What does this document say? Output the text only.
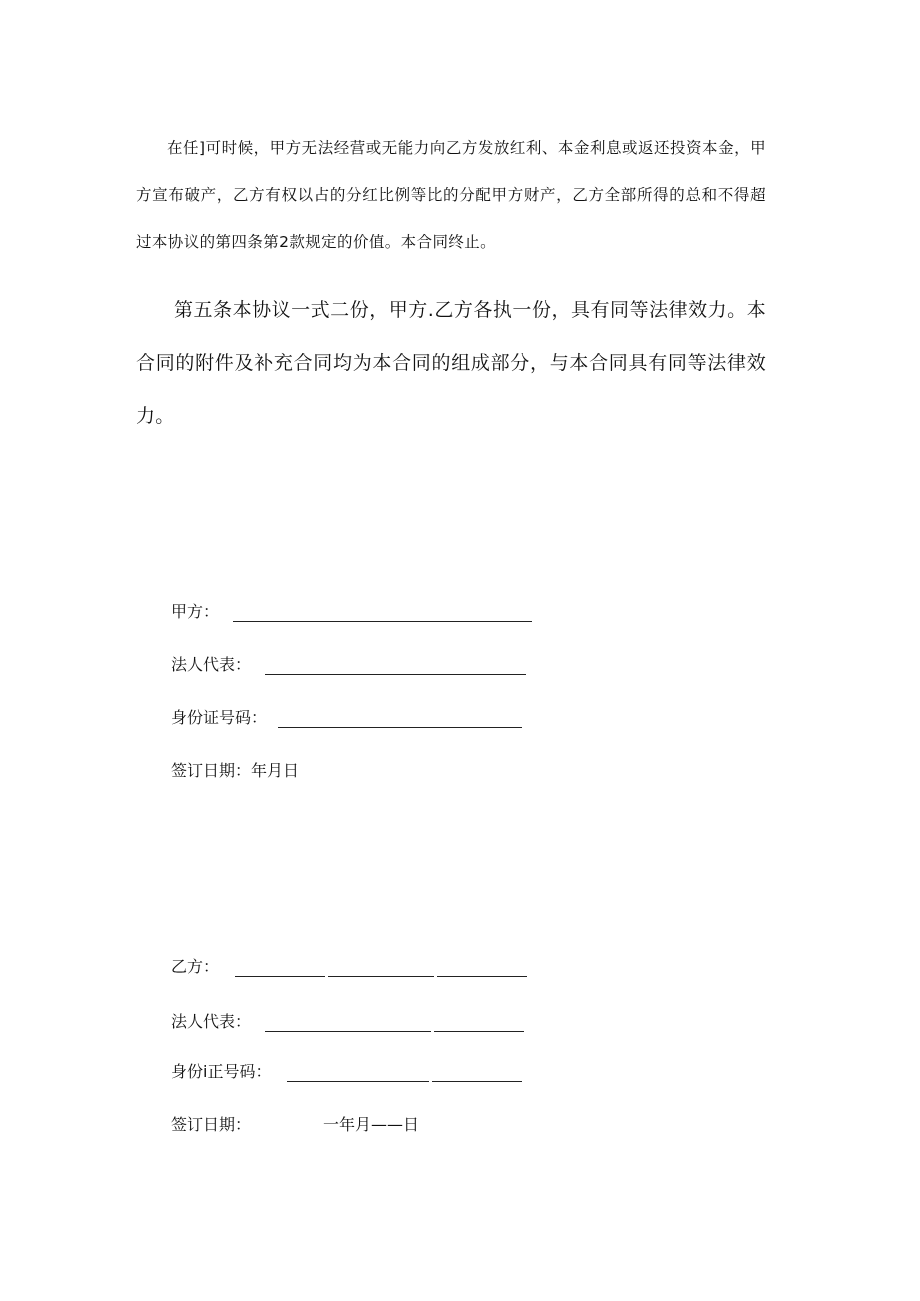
在任]可时候，甲方无法经营或无能力向乙方发放红利、本金利息或返还投资本金，甲方宣布破产，乙方有权以占的分红比例等比的分配甲方财产，乙方全部所得的总和不得超过本协议的第四条第2款规定的价值。本合同终止。

第五条本协议一式二份，甲方.乙方各执一份，具有同等法律效力。本合同的附件及补充合同均为本合同的组成部分，与本合同具有同等法律效力。

甲方：
法人代表：
身份证号码：
签订日期： 年月日
乙方：
法人代表：
身份i正号码：
签订日期：	一年月——日
